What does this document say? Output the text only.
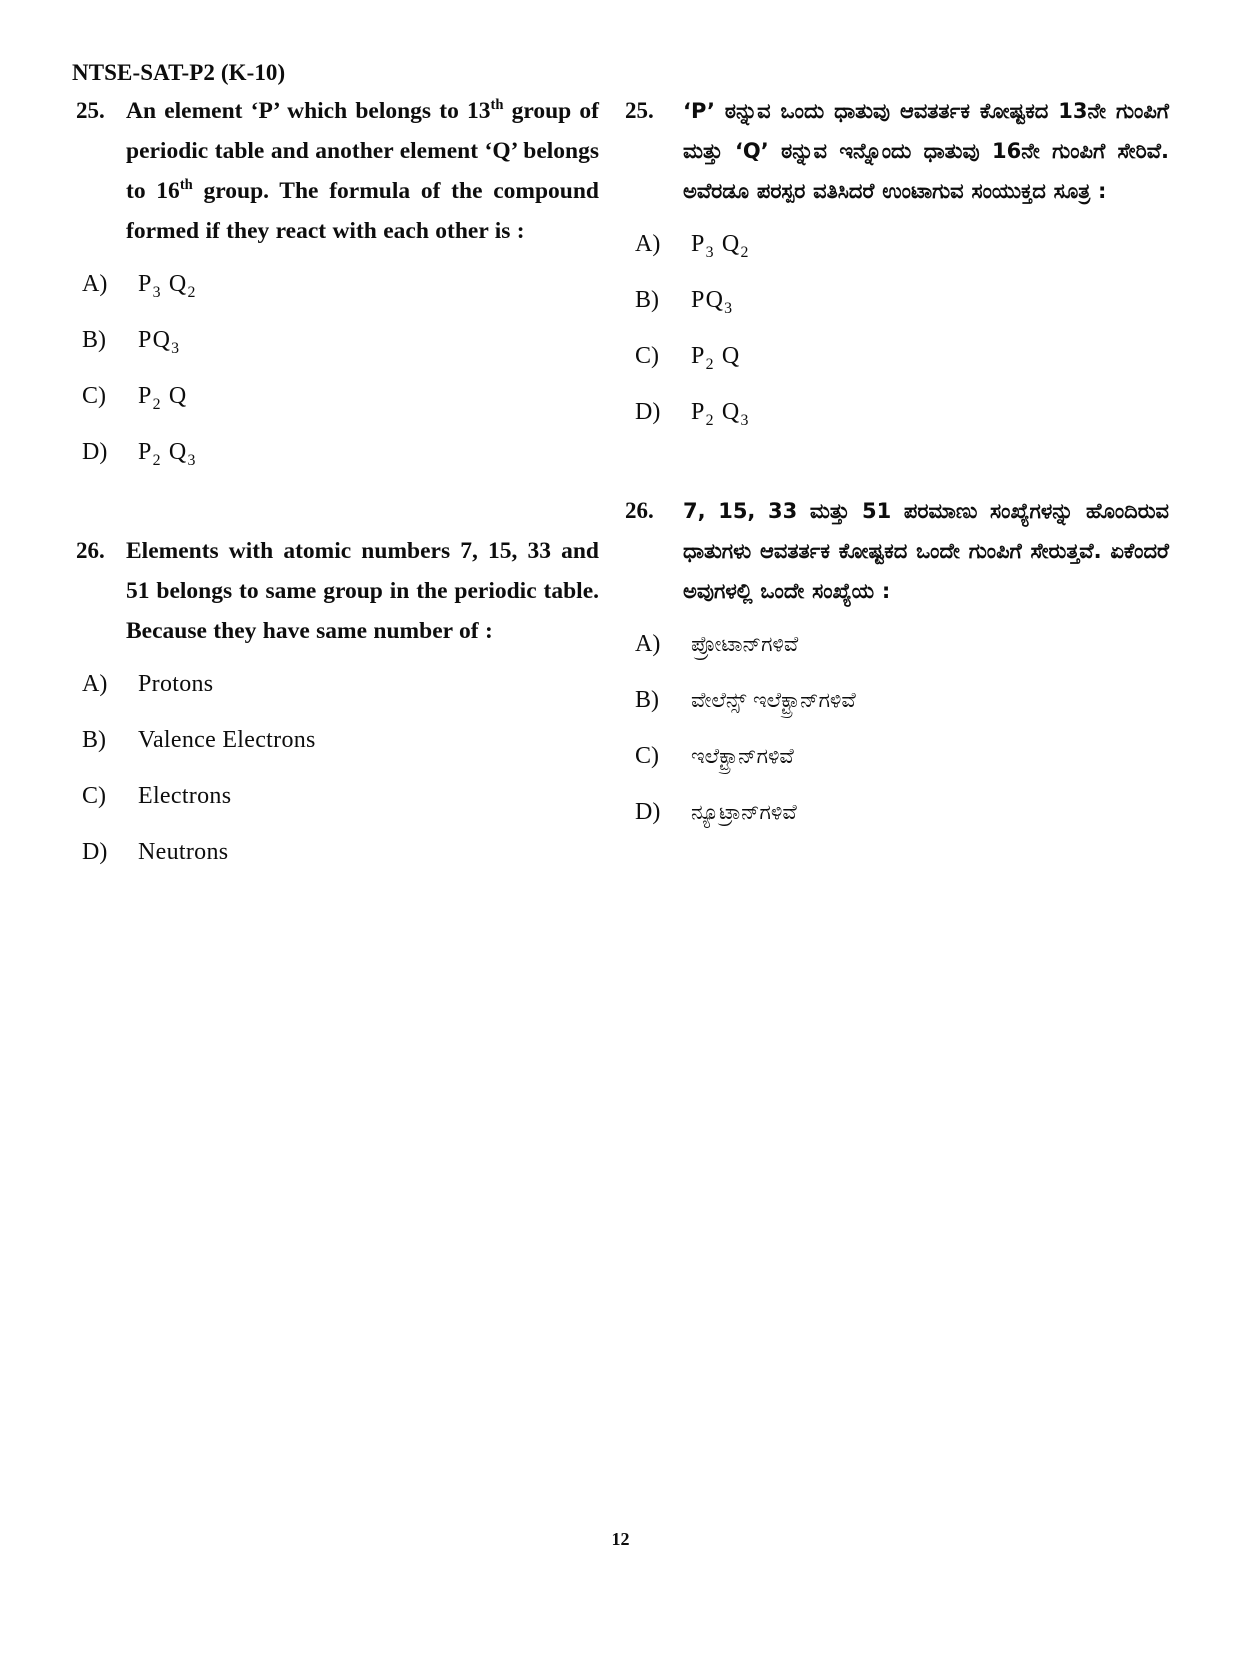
NTSE-SAT-P2 (K-10)
25. An element ‘P’ which belongs to 13th group of periodic table and another element ‘Q’ belongs to 16th group. The formula of the compound formed if they react with each other is :
A)	$P_3$ $Q_2$
B)	$PQ_3$
C)	$P_2$ Q
D)	$P_2$ $Q_3$
26. Elements with atomic numbers 7, 15, 33 and 51 belongs to same group in the periodic table. Because they have same number of :
A)	Protons
B)	Valence Electrons
C)	Electrons
D)	Neutrons
25.	‘P’ ಠನ್ನುವ ಒಂದು ಧಾತುವು ಆವತರ್ತಕ ಕೋಷ್ಟಕದ 13ನೇ ಗುಂಪಿಗೆ ಮತ್ತು ‘Q’ ಠನ್ನುವ ಇನ್ನೊಂದು ಧಾತುವು 16ನೇ ಗುಂಪಿಗೆ ಸೇರಿವೆ. ಅವೆರಡೂ ಪರಸ್ಪರ ವತಿಸಿದರೆ ಉಂಟಾಗುವ ಸಂಯುಕ್ತದ ಸೂತ್ರ :
A)	$P_3$ $Q_2$
B)	$PQ_3$
C)	$P_2$ Q
D)	$P_2$ $Q_3$
26.	7, 15, 33 ಮತ್ತು 51 ಪರಮಾಣು ಸಂಖ್ಯೆಗಳನ್ನು ಹೊಂದಿರುವ ಧಾತುಗಳು ಆವತರ್ತಕ ಕೋಷ್ಟಕದ ಒಂದೇ ಗುಂಪಿಗೆ ಸೇರುತ್ತವೆ. ಏಕೆಂದರೆ ಅವುಗಳಲ್ಲಿ ಒಂದೇ ಸಂಖ್ಯೆಯ :
A)	ಪ್ರೋಟಾನ್‌ಗಳಿವೆ
B)	ವೇಲೆನ್ಸ್ ಇಲೆಕ್ಟ್ರಾನ್‌ಗಳಿವೆ
C)	ಇಲೆಕ್ಟ್ರಾನ್‌ಗಳಿವೆ
D)	ನ್ಯೂಟ್ರಾನ್‌ಗಳಿವೆ
12
